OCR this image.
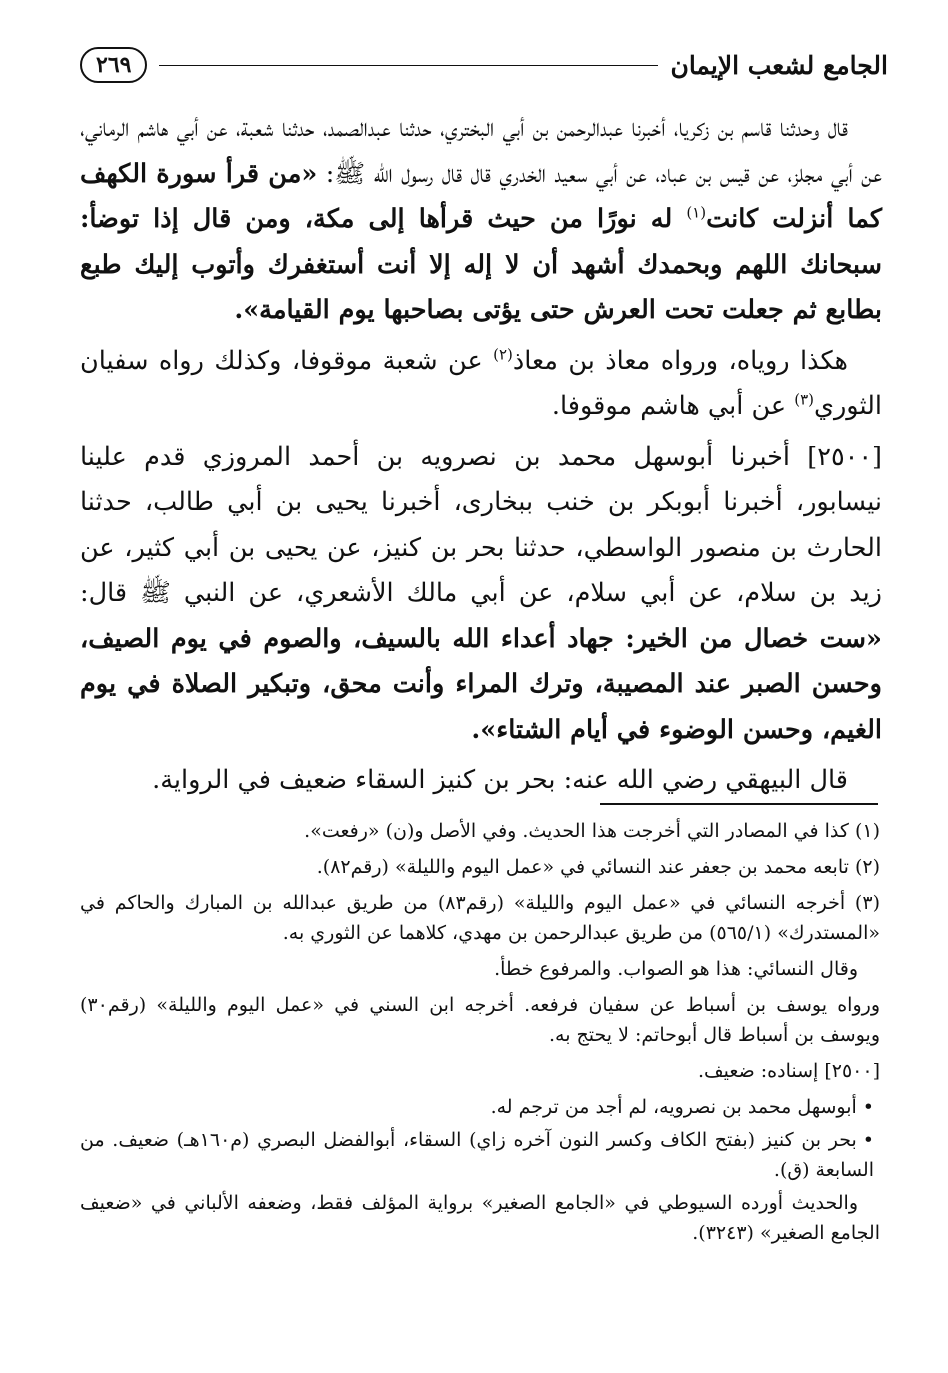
الجامع لشعب الإيمان
٢٦٩

قال وحدثنا قاسم بن زكريا، أخبرنا عبدالرحمن بن أبي البختري، حدثنا عبدالصمد، حدثنا شعبة، عن أبي هاشم الرماني، عن أبي مجلز، عن قيس بن عباد، عن أبي سعيد الخدري قال قال رسول الله ﷺ: «من قرأ سورة الكهف كما أنزلت كانت$^{(١)}$ له نورًا من حيث قرأها إلى مكة، ومن قال إذا توضأ: سبحانك اللهم وبحمدك أشهد أن لا إله إلا أنت أستغفرك وأتوب إليك طبع بطابع ثم جعلت تحت العرش حتى يؤتى بصاحبها يوم القيامة».

هكذا روياه، ورواه معاذ بن معاذ$^{(٢)}$ عن شعبة موقوفا، وكذلك رواه سفيان الثوري$^{(٣)}$ عن أبي هاشم موقوفا.

[٢٥٠٠] أخبرنا أبوسهل محمد بن نصرويه بن أحمد المروزي قدم علينا نيسابور، أخبرنا أبوبكر بن خنب ببخارى، أخبرنا يحيى بن أبي طالب، حدثنا الحارث بن منصور الواسطي، حدثنا بحر بن كنيز، عن يحيى بن أبي كثير، عن زيد بن سلام، عن أبي سلام، عن أبي مالك الأشعري، عن النبي ﷺ قال: «ست خصال من الخير: جهاد أعداء الله بالسيف، والصوم في يوم الصيف، وحسن الصبر عند المصيبة، وترك المراء وأنت محق، وتبكير الصلاة في يوم الغيم، وحسن الوضوء في أيام الشتاء».

قال البيهقي رضي الله عنه: بحر بن كنيز السقاء ضعيف في الرواية.

(١) كذا في المصادر التي أخرجت هذا الحديث. وفي الأصل و(ن) «رفعت».

(٢) تابعه محمد بن جعفر عند النسائي في «عمل اليوم والليلة» (رقم٨٢).

(٣) أخرجه النسائي في «عمل اليوم والليلة» (رقم٨٣) من طريق عبدالله بن المبارك والحاكم في «المستدرك» (٥٦٥/١) من طريق عبدالرحمن بن مهدي، كلاهما عن الثوري به.

وقال النسائي: هذا هو الصواب. والمرفوع خطأ.

ورواه يوسف بن أسباط عن سفيان فرفعه. أخرجه ابن السني في «عمل اليوم والليلة» (رقم٣٠) ويوسف بن أسباط قال أبوحاتم: لا يحتج به.

[٢٥٠٠] إسناده: ضعيف.

•أبوسهل محمد بن نصرويه، لم أجد من ترجم له.

•بحر بن كنيز (بفتح الكاف وكسر النون آخره زاي) السقاء، أبوالفضل البصري (م١٦٠هـ) ضعيف. من السابعة (ق).

والحديث أورده السيوطي في «الجامع الصغير» برواية المؤلف فقط، وضعفه الألباني في «ضعيف الجامع الصغير» (٣٢٤٣).
